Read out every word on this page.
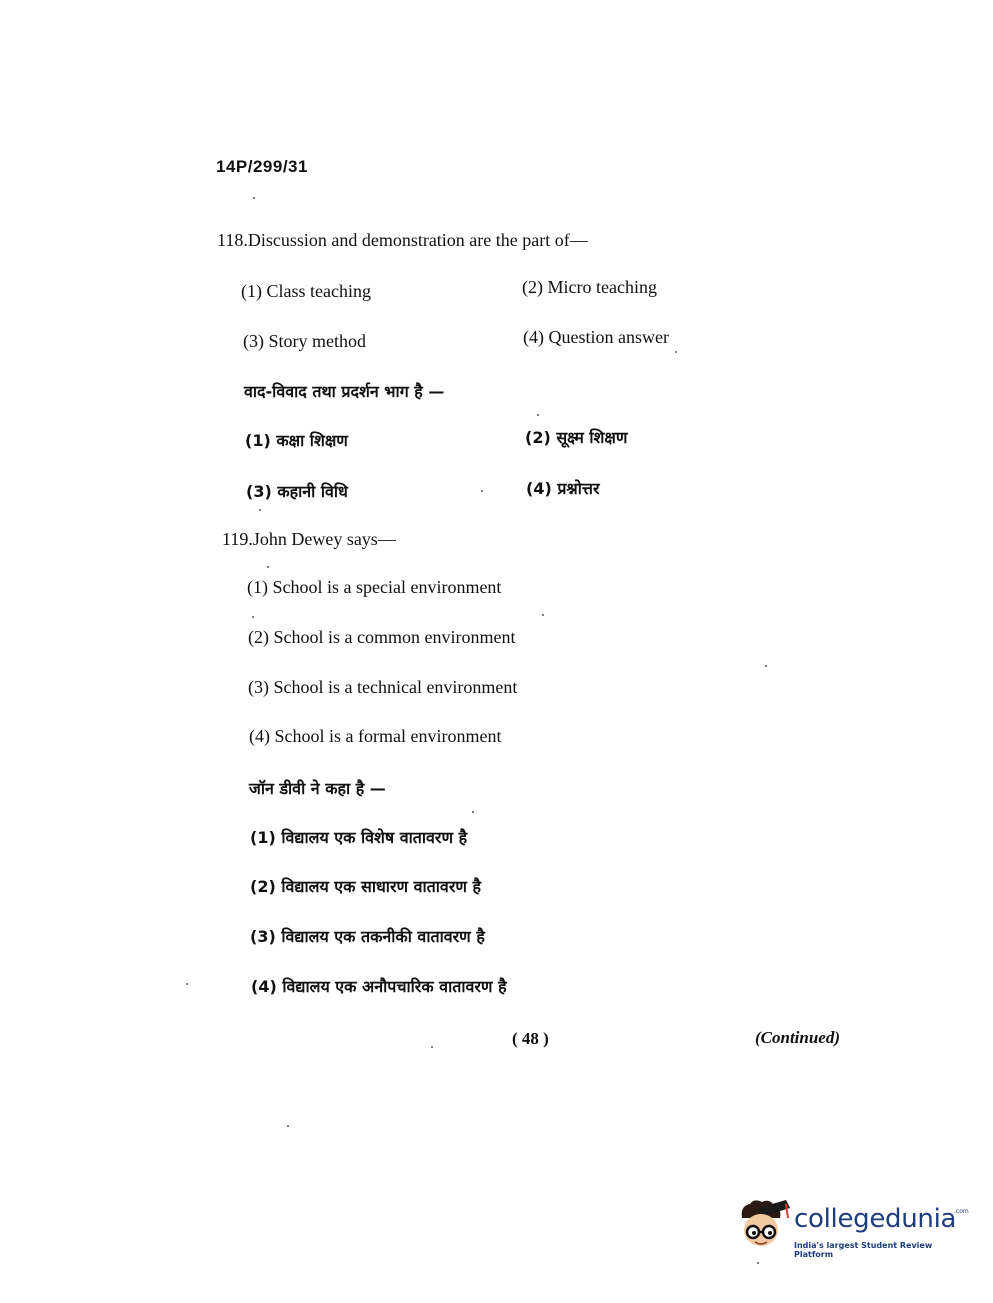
14P/299/31
118.Discussion and demonstration are the part of—
(1) Class teaching	(2) Micro teaching
(3) Story method	(4) Question answer
वाद-विवाद तथा प्रदर्शन भाग है —
(1) कक्षा शिक्षण	(2) सूक्ष्म शिक्षण
(3) कहानी विधि	(4) प्रश्नोत्तर
119.John Dewey says—
(1) School is a special environment
(2) School is a common environment
(3) School is a technical environment
(4) School is a formal environment
जॉन डीवी ने कहा है —
(1) विद्यालय एक विशेष वातावरण है
(2) विद्यालय एक साधारण वातावरण है
(3) विद्यालय एक तकनीकी वातावरण है
(4) विद्यालय एक अनौपचारिक वातावरण है
( 48 )	(Continued)
collegedunia
.com
India's largest Student Review Platform
